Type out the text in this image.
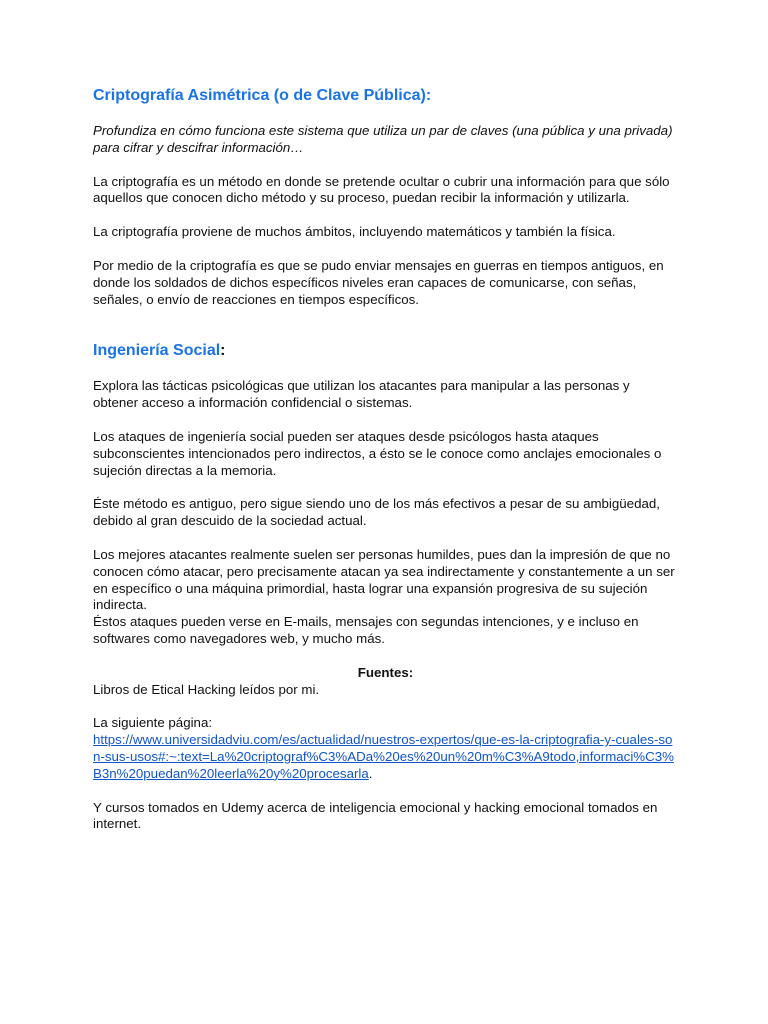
Criptografía Asimétrica (o de Clave Pública):

Profundiza en cómo funciona este sistema que utiliza un par de claves (una pública y una privada) para cifrar y descifrar información…

La criptografía es un método en donde se pretende ocultar o cubrir una información para que sólo aquellos que conocen dicho método y su proceso, puedan recibir la información y utilizarla.

La criptografía proviene de muchos ámbitos, incluyendo matemáticos y también la física.

Por medio de la criptografía es que se pudo enviar mensajes en guerras en tiempos antiguos, en donde los soldados de dichos específicos niveles eran capaces de comunicarse, con señas, señales, o envío de reacciones en tiempos específicos.

Ingeniería Social:

Explora las tácticas psicológicas que utilizan los atacantes para manipular a las personas y obtener acceso a información confidencial o sistemas.

Los ataques de ingeniería social pueden ser ataques desde psicólogos hasta ataques subconscientes intencionados pero indirectos, a ésto se le conoce como anclajes emocionales o sujeción directas a la memoria.

Éste método es antiguo, pero sigue siendo uno de los más efectivos a pesar de su ambigüedad, debido al gran descuido de la sociedad actual.

Los mejores atacantes realmente suelen ser personas humildes, pues dan la impresión de que no conocen cómo atacar, pero precisamente atacan ya sea indirectamente y constantemente a un ser en específico o una máquina primordial, hasta lograr una expansión progresiva de su sujeción indirecta.

Éstos ataques pueden verse en E-mails, mensajes con segundas intenciones, y e incluso en softwares como navegadores web, y mucho más.

Fuentes:

Libros de Etical Hacking leídos por mi.

La siguiente página:

https://www.universidadviu.com/es/actualidad/nuestros-expertos/que-es-la-criptografia-y-cuales-son-sus-usos#:~:text=La%20criptograf%C3%ADa%20es%20un%20m%C3%A9todo,informaci%C3%B3n%20puedan%20leerla%20y%20procesarla.

Y cursos tomados en Udemy acerca de inteligencia emocional y hacking emocional tomados en internet.
